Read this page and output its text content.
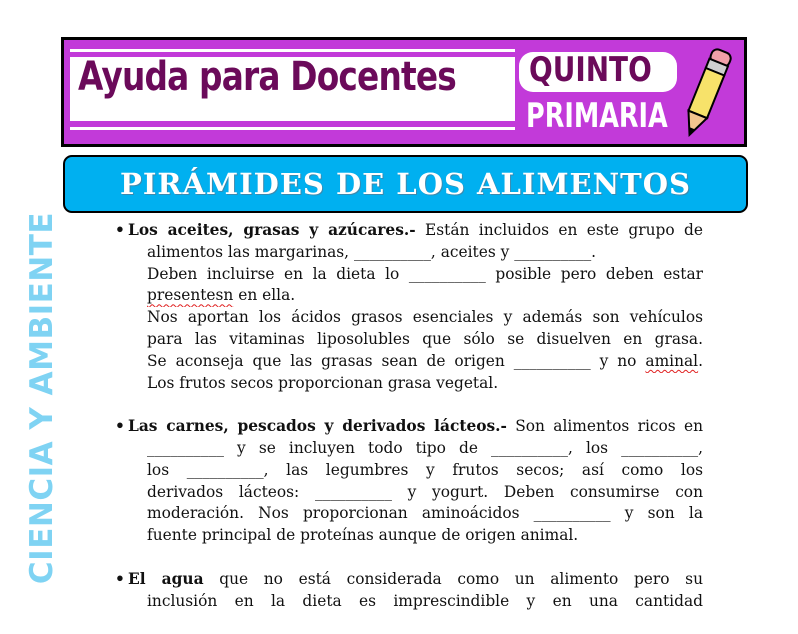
Ayuda para Docentes QUINTO
PRIMARIA
PIRÁMIDES DE LOS ALIMENTOS
CIENCIA Y AMBIENTE	• Los aceites, grasas y azúcares.- Están incluidos en este grupo de
alimentos las margarinas, __________, aceites y __________.
Deben incluirse en la dieta lo __________ posible pero deben estar
presentesn en ella.
Nos aportan los ácidos grasos esenciales y además son vehículos
para las vitaminas liposolubles que sólo se disuelven en grasa.
Se aconseja que las grasas sean de origen __________ y no aminal.
Los frutos secos proporcionan grasa vegetal.
• Las carnes, pescados y derivados lácteos.- Son alimentos ricos en
__________ y se incluyen todo tipo de __________, los __________,
los __________, las legumbres y frutos secos; así como los
derivados lácteos: __________ y yogurt. Deben consumirse con
moderación. Nos proporcionan aminoácidos __________ y son la
fuente principal de proteínas aunque de origen animal.
• El agua que no está considerada como un alimento pero su
inclusión en la dieta es imprescindible y en una cantidad
